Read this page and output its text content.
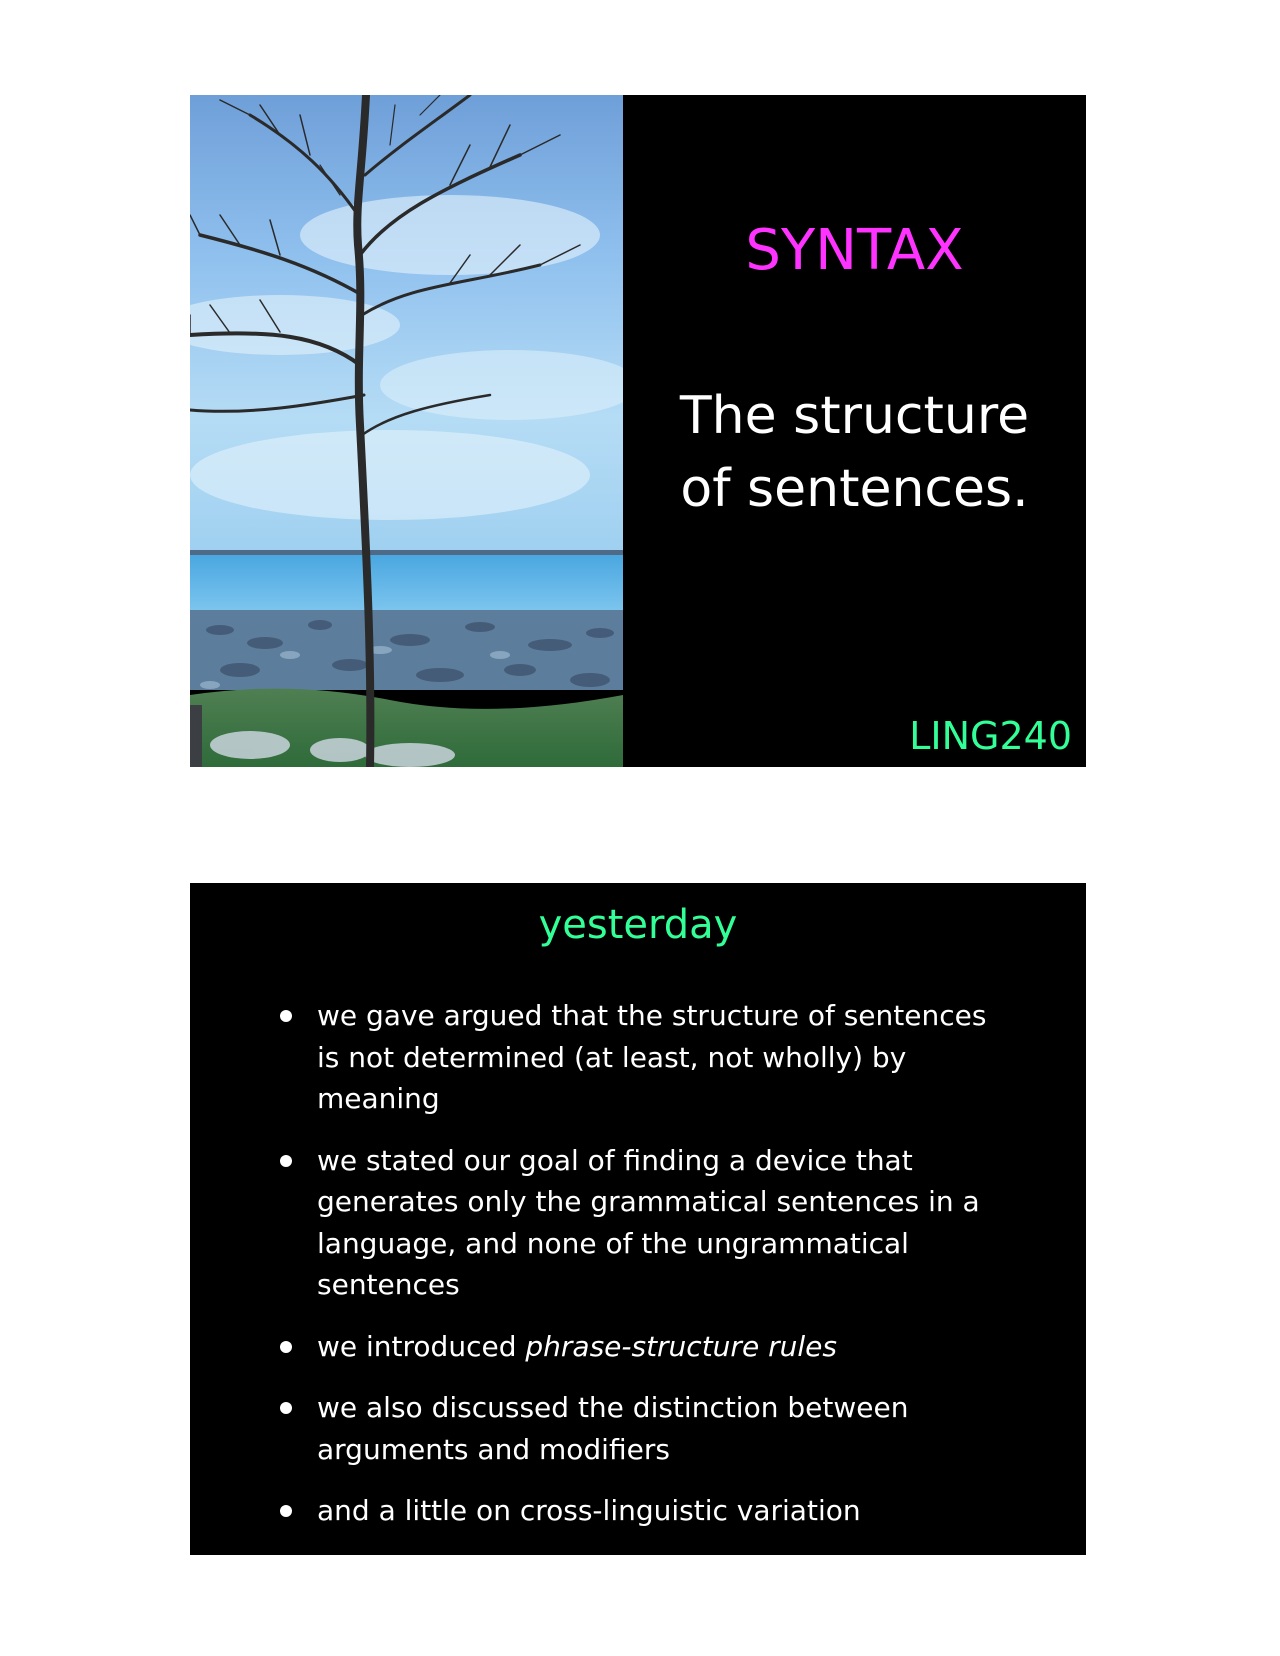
SYNTAX
The structure
of sentences.
LING240
yesterday
we gave argued that the structure of sentences is not determined (at least, not wholly) by meaning
we stated our goal of finding a device that generates only the grammatical sentences in a language, and none of the ungrammatical sentences
we introduced phrase-structure rules
we also discussed the distinction between arguments and modifiers
and a little on cross-linguistic variation
